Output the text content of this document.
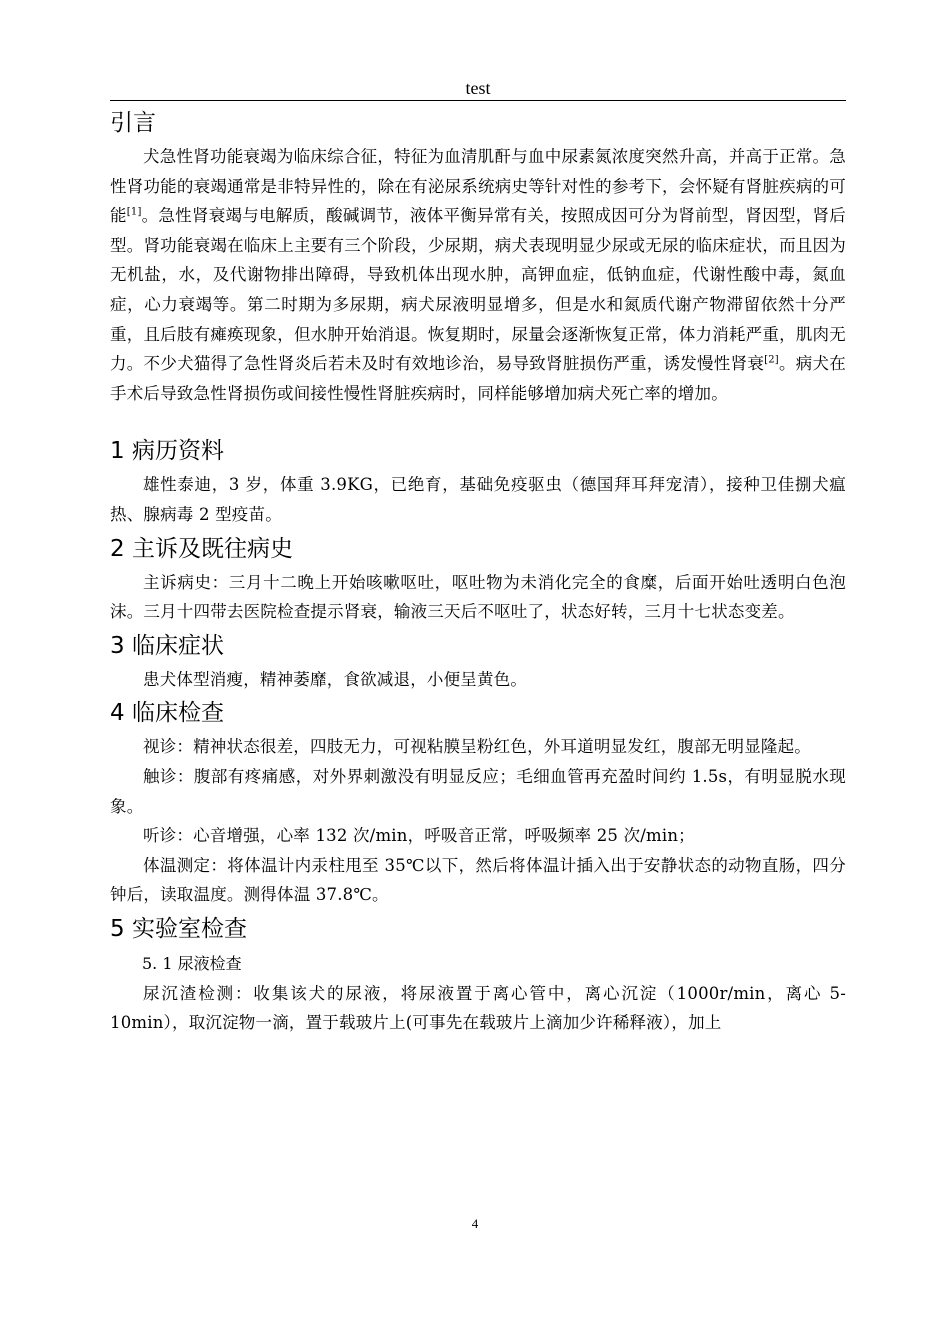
test
引言

犬急性肾功能衰竭为临床综合征，特征为血清肌酐与血中尿素氮浓度突然升高，并高于正常。急性肾功能的衰竭通常是非特异性的，除在有泌尿系统病史等针对性的参考下，会怀疑有肾脏疾病的可能[1]。急性肾衰竭与电解质，酸碱调节，液体平衡异常有关，按照成因可分为肾前型，肾因型，肾后型。肾功能衰竭在临床上主要有三个阶段，少尿期，病犬表现明显少尿或无尿的临床症状，而且因为无机盐，水，及代谢物排出障碍，导致机体出现水肿，高钾血症，低钠血症，代谢性酸中毒，氮血症，心力衰竭等。第二时期为多尿期，病犬尿液明显增多，但是水和氮质代谢产物滞留依然十分严重，且后肢有瘫痪现象，但水肿开始消退。恢复期时，尿量会逐渐恢复正常，体力消耗严重，肌肉无力。不少犬猫得了急性肾炎后若未及时有效地诊治，易导致肾脏损伤严重，诱发慢性肾衰[2]。病犬在手术后导致急性肾损伤或间接性慢性肾脏疾病时，同样能够增加病犬死亡率的增加。

1 病历资料

雄性泰迪，3 岁，体重 3.9KG，已绝育，基础免疫驱虫（德国拜耳拜宠清），接种卫佳捌犬瘟热、腺病毒 2 型疫苗。

2 主诉及既往病史

主诉病史：三月十二晚上开始咳嗽呕吐，呕吐物为未消化完全的食糜，后面开始吐透明白色泡沫。三月十四带去医院检查提示肾衰，输液三天后不呕吐了，状态好转，三月十七状态变差。

3 临床症状

患犬体型消瘦，精神萎靡，食欲减退，小便呈黄色。

4 临床检查

视诊：精神状态很差，四肢无力，可视粘膜呈粉红色，外耳道明显发红，腹部无明显隆起。

触诊：腹部有疼痛感，对外界刺激没有明显反应；毛细血管再充盈时间约 1.5s，有明显脱水现象。

听诊：心音增强，心率 132 次/min，呼吸音正常，呼吸频率 25 次/min；

体温测定：将体温计内汞柱甩至 35℃以下，然后将体温计插入出于安静状态的动物直肠，四分钟后，读取温度。测得体温 37.8℃。

5 实验室检查

5. 1 尿液检查

尿沉渣检测：收集该犬的尿液，将尿液置于离心管中，离心沉淀（1000r/min，离心 5-10min），取沉淀物一滴，置于载玻片上(可事先在载玻片上滴加少许稀释液），加上

4
